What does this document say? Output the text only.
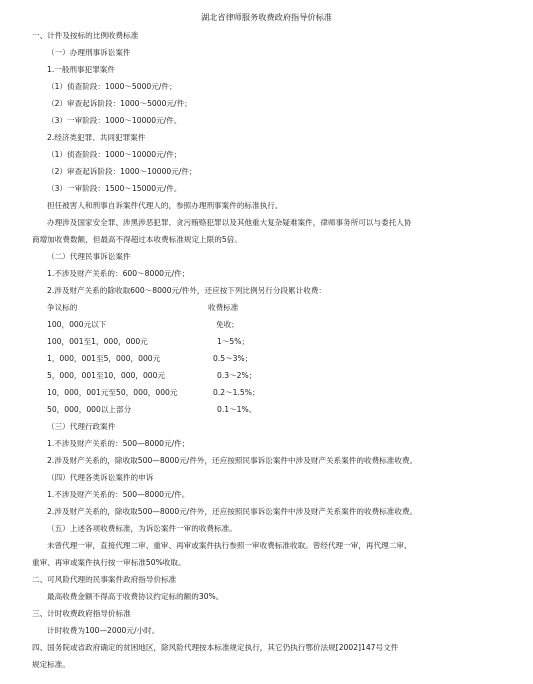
湖北省律师服务收费政府指导价标准
一、计件及按标的比例收费标准
（一）办理刑事诉讼案件
1.一般刑事犯罪案件
（1）侦查阶段：1000～5000元/件；
（2）审查起诉阶段：1000～5000元/件；
（3）一审阶段：1000～10000元/件。
2.经济类犯罪、共同犯罪案件
（1）侦查阶段：1000～10000元/件；
（2）审查起诉阶段：1000～10000元/件；
（3）一审阶段：1500～15000元/件。
担任被害人和刑事自诉案件代理人的，参照办理刑事案件的标准执行。
办理涉及国家安全罪、涉黑涉恶犯罪、贪污贿赂犯罪以及其他重大复杂疑难案件，律师事务所可以与委托人协
商增加收费数额，但最高不得超过本收费标准规定上限的5倍。
（二）代理民事诉讼案件
1.不涉及财产关系的：600～8000元/件；
2.涉及财产关系的除收取600～8000元/件外，还应按下列比例另行分段累计收费：
争议标的	收费标准
100，000元以下	免收；
100，001至1，000，000元	1～5%；
1，000，001至5，000，000元	0.5～3%；
5，000，001至10，000，000元	0.3～2%；
10，000，001元至50，000，000元	0.2～1.5%；
50，000，000以上部分	0.1～1%。
（三）代理行政案件
1.不涉及财产关系的：500—8000元/件；
2.涉及财产关系的，除收取500—8000元/件外，还应按照民事诉讼案件中涉及财产关系案件的收费标准收费。
（四）代理各类诉讼案件的申诉
1.不涉及财产关系的：500—8000元/件。
2.涉及财产关系的，除收取500—8000元/件外，还应按照民事诉讼案件中涉及财产关系案件的收费标准收费。
（五）上述各项收费标准，为诉讼案件一审的收费标准。
未曾代理一审，直接代理二审、重审、再审或案件执行参照一审收费标准收取。曾经代理一审，再代理二审、
重审、再审或案件执行按一审标准50%收取。
二、可风险代理的民事案件政府指导价标准
最高收费金额不得高于收费协议约定标的额的30%。
三、计时收费政府指导价标准
计时收费为100—2000元/小时。
四、国务院或省政府确定的贫困地区，除风险代理按本标准规定执行，其它仍执行鄂价法规[2002]147号文件
规定标准。
